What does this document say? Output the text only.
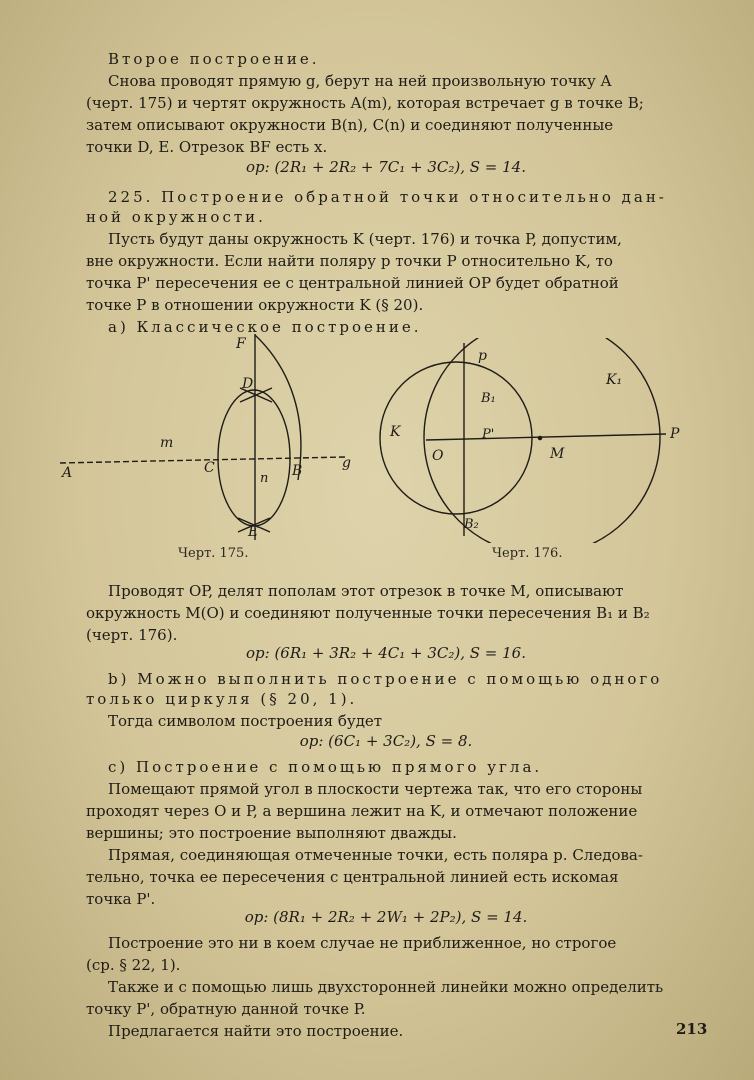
Второе построение.
Снова проводят прямую g, берут на ней произвольную точку A
(черт. 175) и чертят окружность A(m), которая встречает g в точке B;
затем описывают окружности B(n), C(n) и соединяют полученные
точки D, E. Отрезок BF есть x.
op: (2R₁ + 2R₂ + 7C₁ + 3C₂), S = 14.
225. Построение обратной точки относительно дан-
ной окружности.
Пусть будут даны окружность K (черт. 176) и точка P, допустим,
вне окружности. Если найти поляру p точки P относительно K, то
точка P' пересечения ее с центральной линией OP будет обратной
точке P в отношении окружности K (§ 20).
a) Классическое построение.
F
D
m
A	C
n B	g
E
p
K₁
B₁
K	P'
O	M
P
B₂
Черт. 175.	Черт. 176.
Проводят OP, делят пополам этот отрезок в точке M, описывают
окружность M(O) и соединяют полученные точки пересечения B₁ и B₂
(черт. 176).
op: (6R₁ + 3R₂ + 4C₁ + 3C₂), S = 16.
b) Можно выполнить построение с помощью одного
только циркуля (§ 20, 1).
Тогда символом построения будет
op: (6C₁ + 3C₂), S = 8.
c) Построение с помощью прямого угла.
Помещают прямой угол в плоскости чертежа так, что его стороны
проходят через O и P, а вершина лежит на K, и отмечают положение
вершины; это построение выполняют дважды.
Прямая, соединяющая отмеченные точки, есть поляра p. Следова-
тельно, точка ее пересечения с центральной линией есть искомая
точка P'.
op: (8R₁ + 2R₂ + 2W₁ + 2P₂), S = 14.
Построение это ни в коем случае не приближенное, но строгое
(ср. § 22, 1).
Также и с помощью лишь двухсторонней линейки можно определить
точку P', обратную данной точке P.
Предлагается найти это построение.	213
